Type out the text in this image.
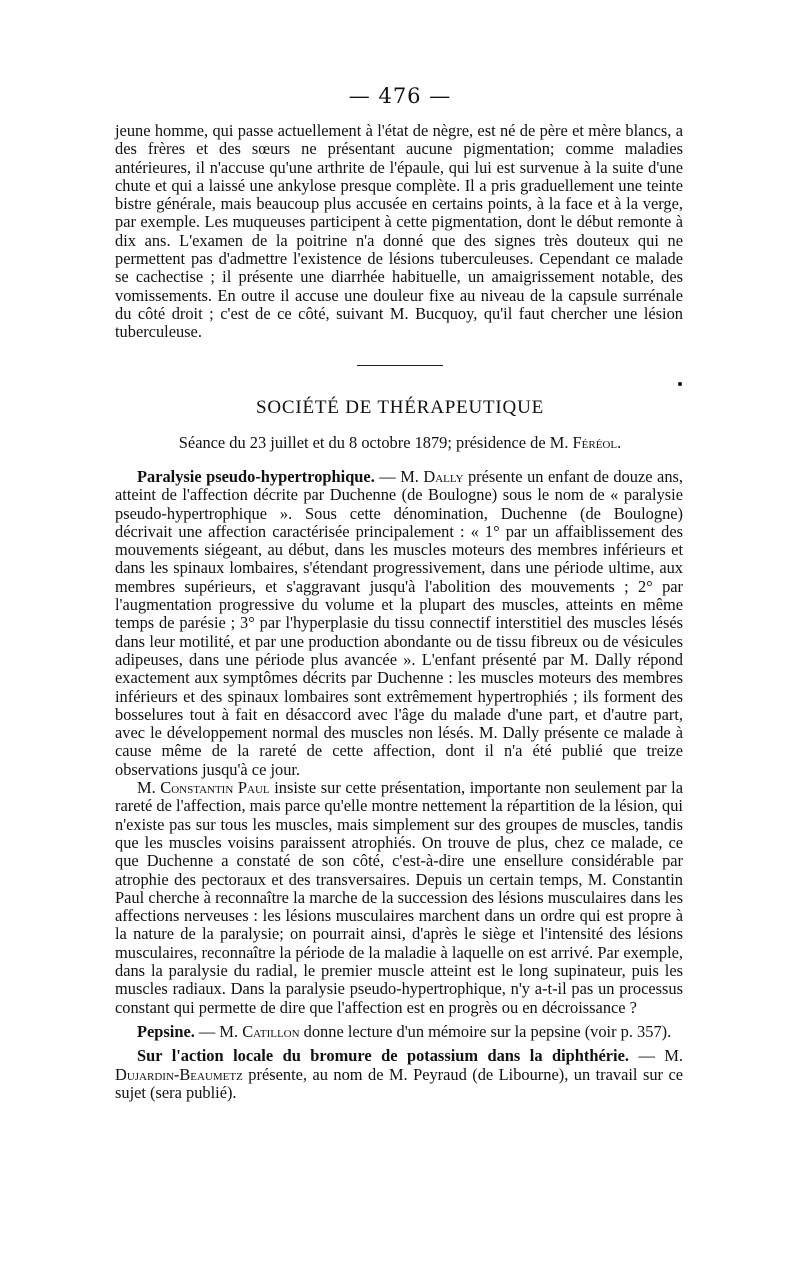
— 476 —

jeune homme, qui passe actuellement à l'état de nègre, est né de père et mère blancs, a des frères et des sœurs ne présentant aucune pigmentation; comme maladies antérieures, il n'accuse qu'une arthrite de l'épaule, qui lui est survenue à la suite d'une chute et qui a laissé une ankylose presque complète. Il a pris graduellement une teinte bistre générale, mais beaucoup plus accusée en certains points, à la face et à la verge, par exemple. Les muqueuses participent à cette pigmentation, dont le début remonte à dix ans. L'examen de la poitrine n'a donné que des signes très douteux qui ne permettent pas d'admettre l'existence de lésions tuberculeuses. Cependant ce malade se cachectise ; il présente une diarrhée habituelle, un amaigrissement notable, des vomissements. En outre il accuse une douleur fixe au niveau de la capsule surrénale du côté droit ; c'est de ce côté, suivant M. Bucquoy, qu'il faut chercher une lésion tuberculeuse.

SOCIÉTÉ DE THÉRAPEUTIQUE
Séance du 23 juillet et du 8 octobre 1879; présidence de M. Féréol.

Paralysie pseudo-hypertrophique. — M. Dally présente un enfant de douze ans, atteint de l'affection décrite par Duchenne (de Boulogne) sous le nom de « paralysie pseudo-hypertrophique ». Sous cette dénomination, Duchenne (de Boulogne) décrivait une affection caractérisée principalement : « 1° par un affaiblissement des mouvements siégeant, au début, dans les muscles moteurs des membres inférieurs et dans les spinaux lombaires, s'étendant progressivement, dans une période ultime, aux membres supérieurs, et s'aggravant jusqu'à l'abolition des mouvements ; 2° par l'augmentation progressive du volume et la plupart des muscles, atteints en même temps de parésie ; 3° par l'hyperplasie du tissu connectif interstitiel des muscles lésés dans leur motilité, et par une production abondante ou de tissu fibreux ou de vésicules adipeuses, dans une période plus avancée ». L'enfant présenté par M. Dally répond exactement aux symptômes décrits par Duchenne : les muscles moteurs des membres inférieurs et des spinaux lombaires sont extrêmement hypertrophiés ; ils forment des bosselures tout à fait en désaccord avec l'âge du malade d'une part, et d'autre part, avec le développement normal des muscles non lésés. M. Dally présente ce malade à cause même de la rareté de cette affection, dont il n'a été publié que treize observations jusqu'à ce jour.

M. Constantin Paul insiste sur cette présentation, importante non seulement par la rareté de l'affection, mais parce qu'elle montre nettement la répartition de la lésion, qui n'existe pas sur tous les muscles, mais simplement sur des groupes de muscles, tandis que les muscles voisins paraissent atrophiés. On trouve de plus, chez ce malade, ce que Duchenne a constaté de son côté, c'est-à-dire une ensellure considérable par atrophie des pectoraux et des transversaires. Depuis un certain temps, M. Constantin Paul cherche à reconnaître la marche de la succession des lésions musculaires dans les affections nerveuses : les lésions musculaires marchent dans un ordre qui est propre à la nature de la paralysie; on pourrait ainsi, d'après le siège et l'intensité des lésions musculaires, reconnaître la période de la maladie à laquelle on est arrivé. Par exemple, dans la paralysie du radial, le premier muscle atteint est le long supinateur, puis les muscles radiaux. Dans la paralysie pseudo-hypertrophique, n'y a-t-il pas un processus constant qui permette de dire que l'affection est en progrès ou en décroissance ?

Pepsine. — M. Catillon donne lecture d'un mémoire sur la pepsine (voir p. 357).

Sur l'action locale du bromure de potassium dans la diphthérie. — M. Dujardin-Beaumetz présente, au nom de M. Peyraud (de Libourne), un travail sur ce sujet (sera publié).
